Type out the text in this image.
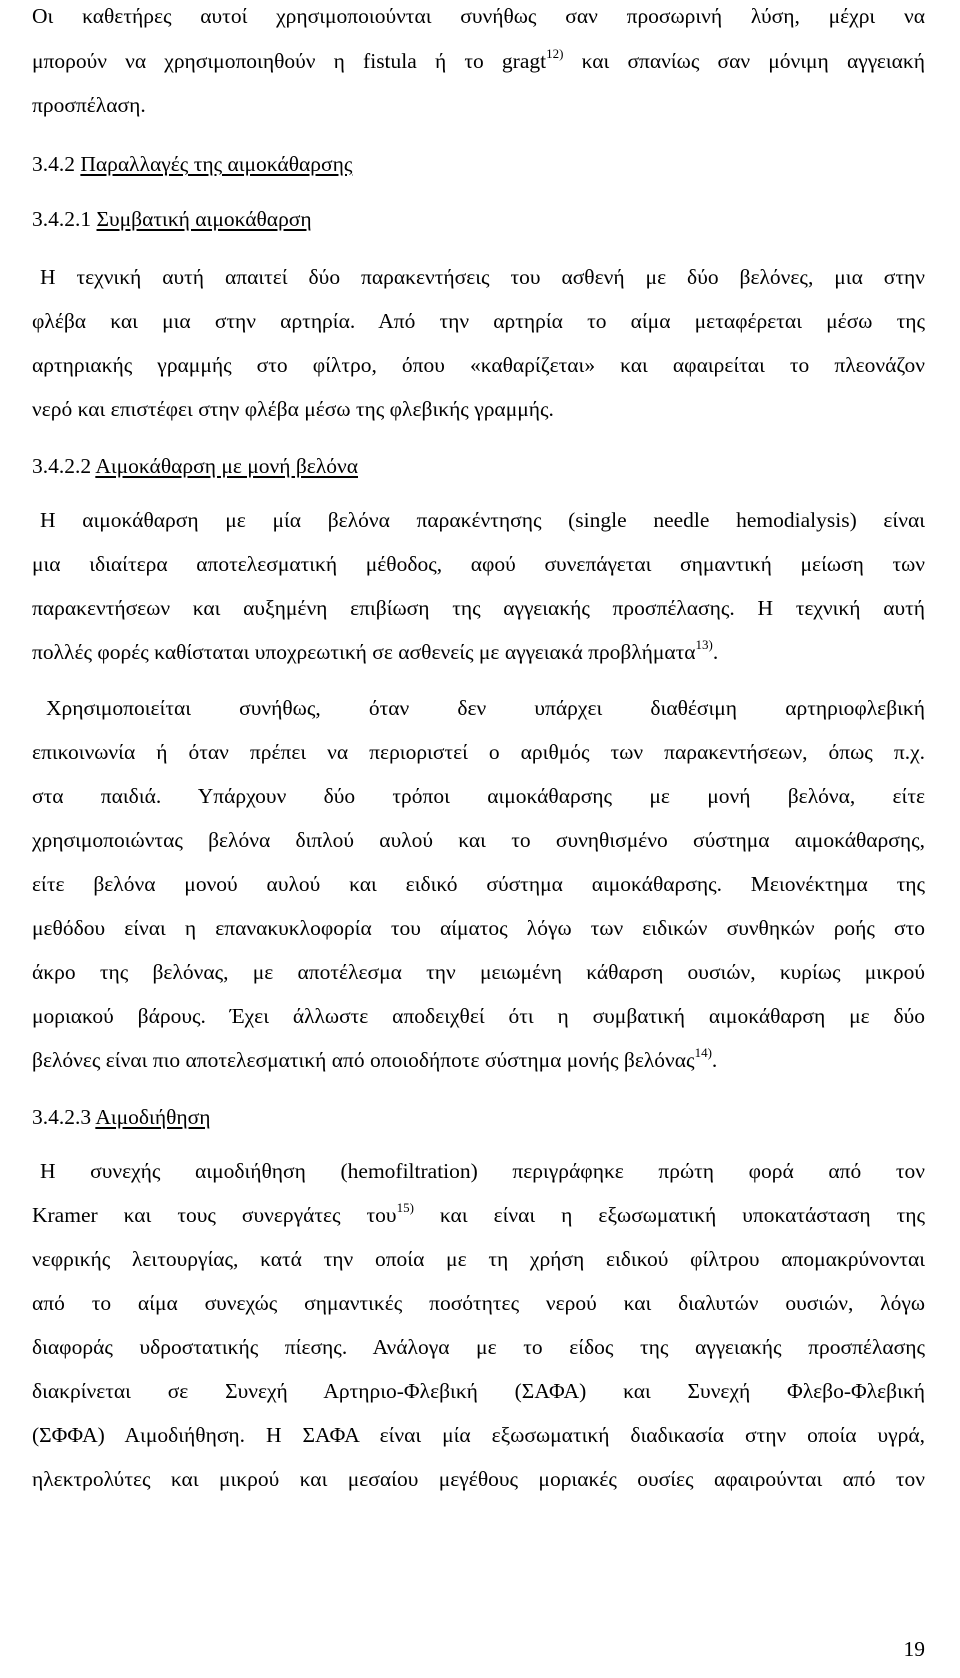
Οι καθετήρες αυτοί χρησιμοποιούνται συνήθως σαν προσωρινή λύση, μέχρι να
μπορούν να χρησιμοποιηθούν η fistula ή το gragt$^{12)}$ και σπανίως σαν μόνιμη αγγειακή
προσπέλαση.
3.4.2 Παραλλαγές της αιμοκάθαρσης
3.4.2.1 Συμβατική αιμοκάθαρση
Η τεχνική αυτή απαιτεί δύο παρακεντήσεις του ασθενή με δύο βελόνες, μια στην
φλέβα και μια στην αρτηρία. Από την αρτηρία το αίμα μεταφέρεται μέσω της
αρτηριακής γραμμής στο φίλτρο, όπου «καθαρίζεται» και αφαιρείται το πλεονάζον
νερό και επιστέφει στην φλέβα μέσω της φλεβικής γραμμής.
3.4.2.2 Αιμοκάθαρση με μονή βελόνα
Η αιμοκάθαρση με μία βελόνα παρακέντησης (single needle hemodialysis) είναι
μια ιδιαίτερα αποτελεσματική μέθοδος, αφού συνεπάγεται σημαντική μείωση των
παρακεντήσεων και αυξημένη επιβίωση της αγγειακής προσπέλασης. Η τεχνική αυτή
πολλές φορές καθίσταται υποχρεωτική σε ασθενείς με αγγειακά προβλήματα$^{13)}$.
Χρησιμοποιείται συνήθως, όταν δεν υπάρχει διαθέσιμη αρτηριοφλεβική
επικοινωνία ή όταν πρέπει να περιοριστεί ο αριθμός των παρακεντήσεων, όπως π.χ.
στα παιδιά. Υπάρχουν δύο τρόποι αιμοκάθαρσης με μονή βελόνα, είτε
χρησιμοποιώντας βελόνα διπλού αυλού και το συνηθισμένο σύστημα αιμοκάθαρσης,
είτε βελόνα μονού αυλού και ειδικό σύστημα αιμοκάθαρσης. Μειονέκτημα της
μεθόδου είναι η επανακυκλοφορία του αίματος λόγω των ειδικών συνθηκών ροής στο
άκρο της βελόνας, με αποτέλεσμα την μειωμένη κάθαρση ουσιών, κυρίως μικρού
μοριακού βάρους. Έχει άλλωστε αποδειχθεί ότι η συμβατική αιμοκάθαρση με δύο
βελόνες είναι πιο αποτελεσματική από οποιοδήποτε σύστημα μονής βελόνας$^{14)}$.
3.4.2.3 Αιμοδιήθηση
Η συνεχής αιμοδιήθηση (hemofiltration) περιγράφηκε πρώτη φορά από τον
Kramer και τους συνεργάτες του$^{15)}$ και είναι η εξωσωματική υποκατάσταση της
νεφρικής λειτουργίας, κατά την οποία με τη χρήση ειδικού φίλτρου απομακρύνονται
από το αίμα συνεχώς σημαντικές ποσότητες νερού και διαλυτών ουσιών, λόγω
διαφοράς υδροστατικής πίεσης. Ανάλογα με το είδος της αγγειακής προσπέλασης
διακρίνεται σε Συνεχή Αρτηριο-Φλεβική (ΣΑΦΑ) και Συνεχή Φλεβο-Φλεβική
(ΣΦΦΑ) Αιμοδιήθηση. Η ΣΑΦΑ είναι μία εξωσωματική διαδικασία στην οποία υγρά,
ηλεκτρολύτες και μικρού και μεσαίου μεγέθους μοριακές ουσίες αφαιρούνται από τον
19
